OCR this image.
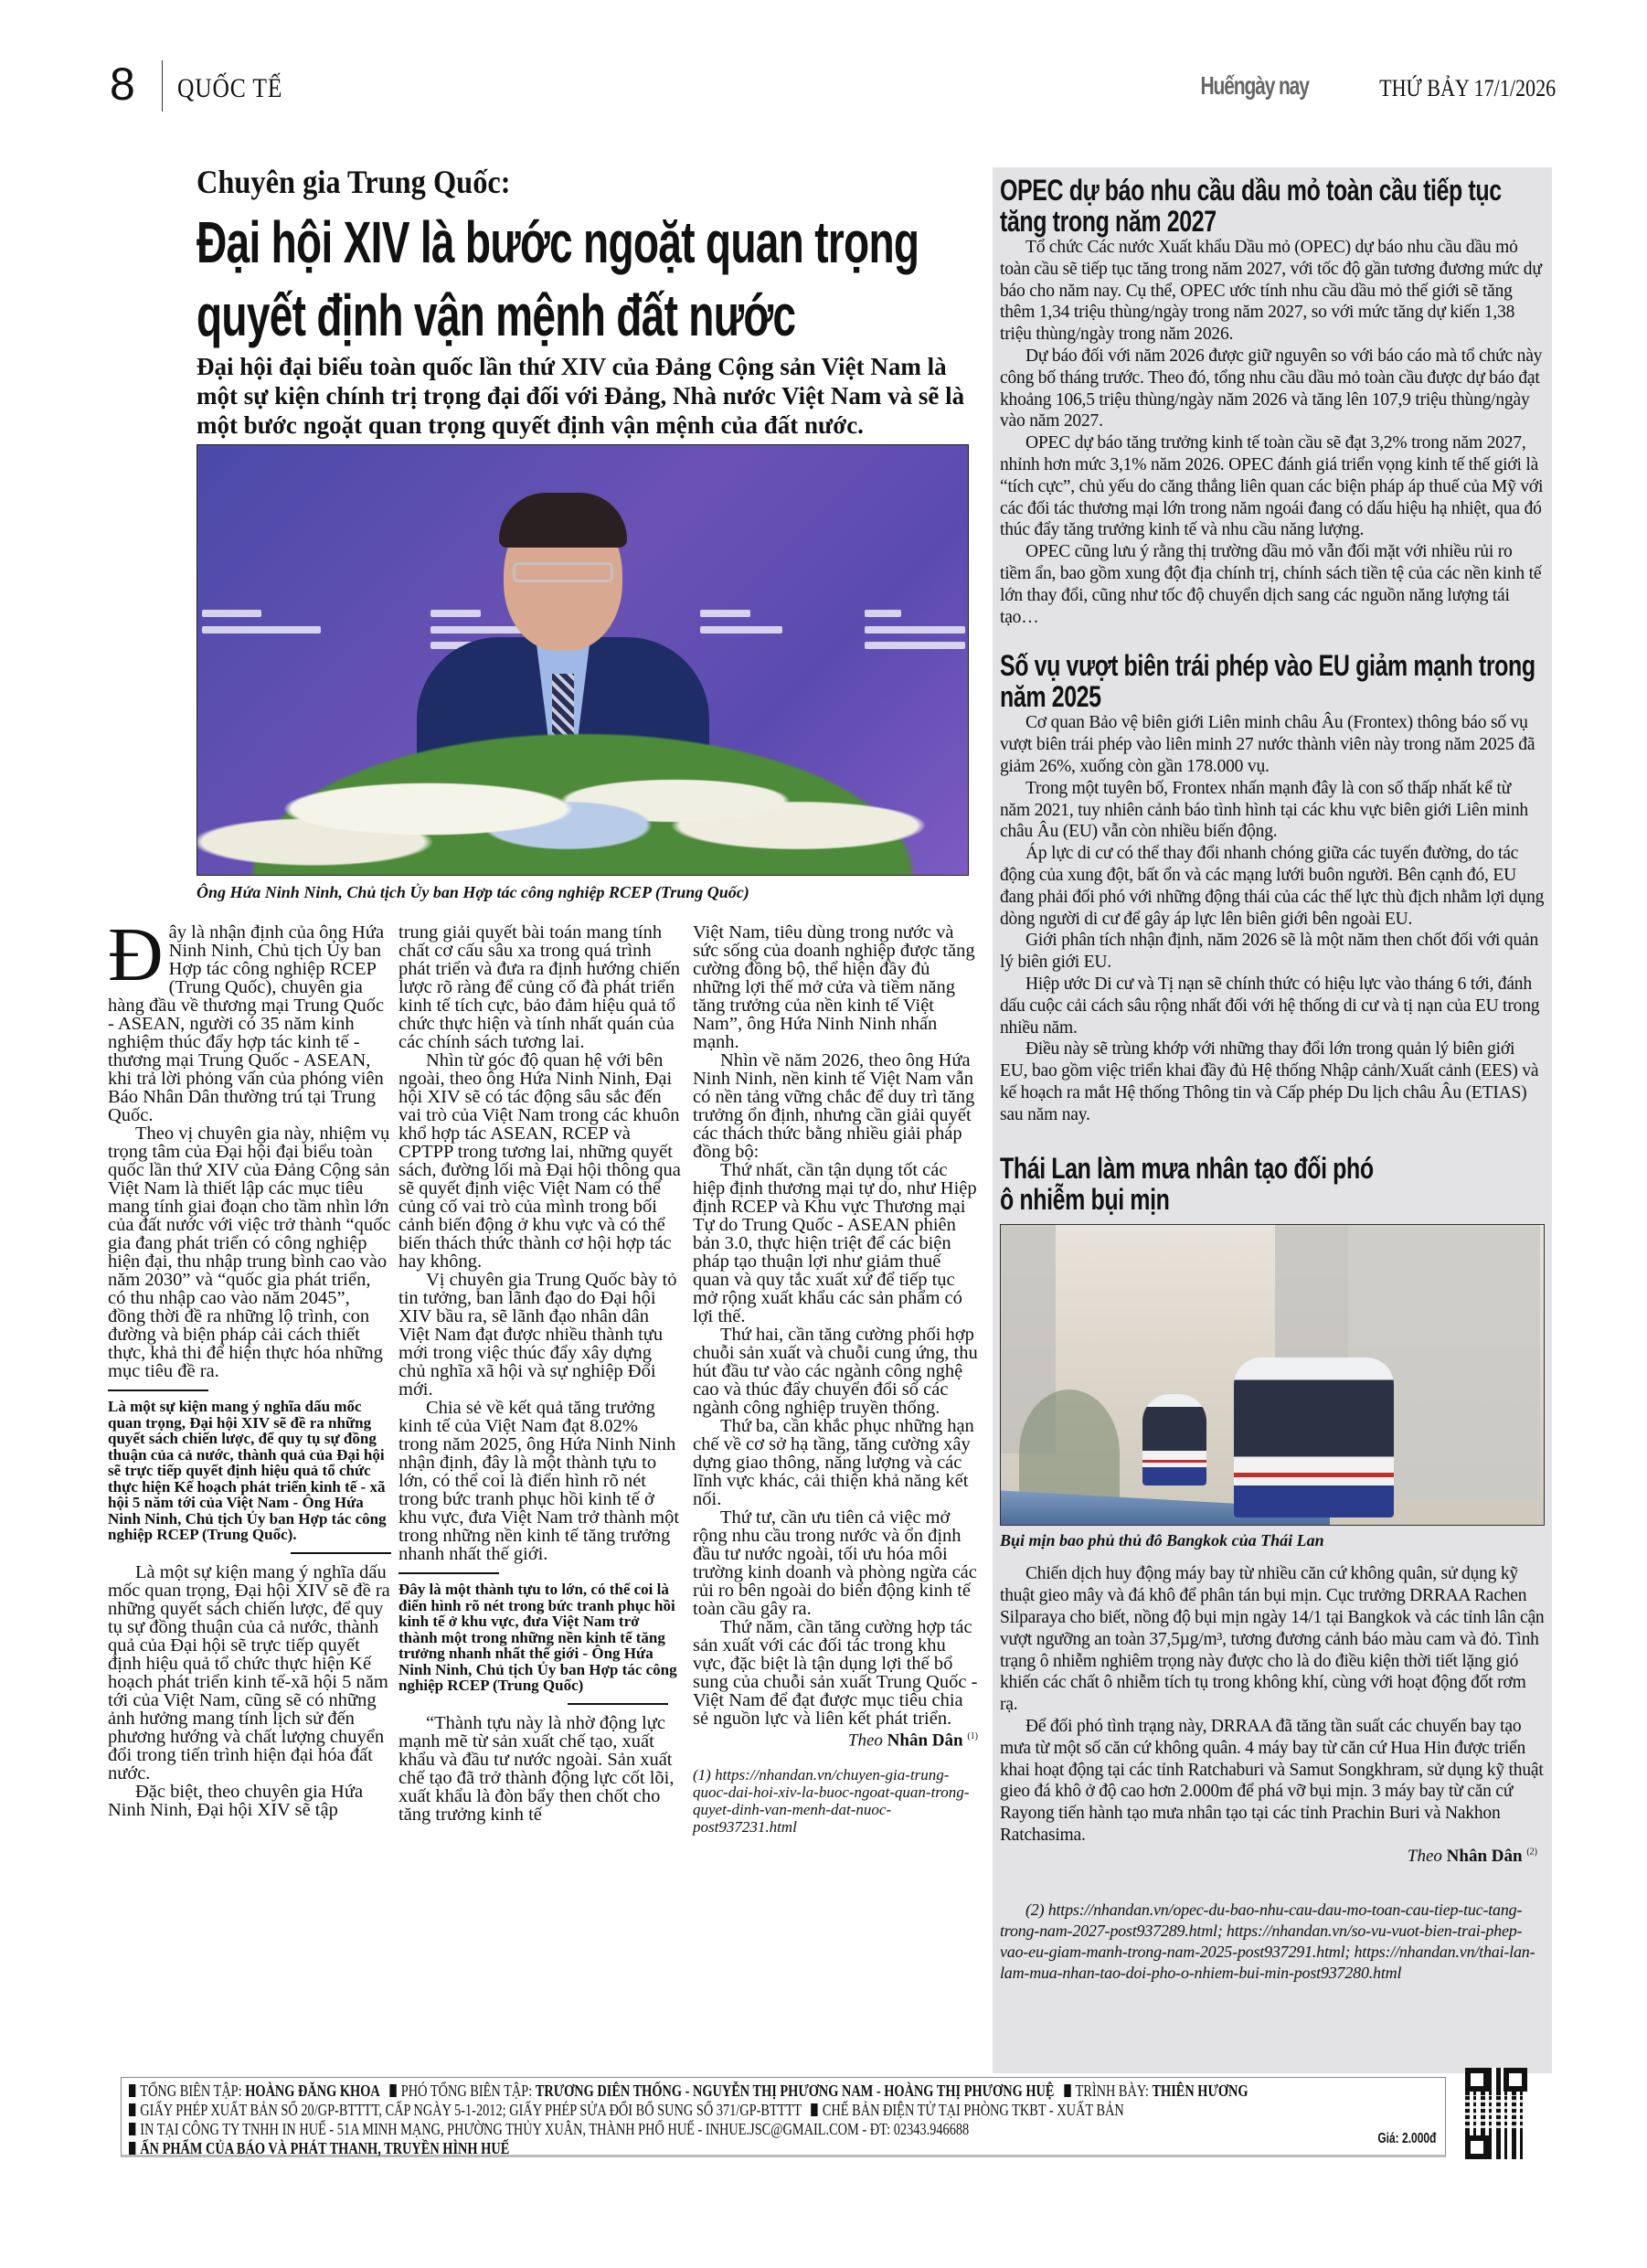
8 QUỐC TẾ	Huếngày nay	THỨ BẢY 17/1/2026
Chuyên gia Trung Quốc:
Đại hội XIV là bước ngoặt quan trọng
quyết định vận mệnh đất nước
Đại hội đại biểu toàn quốc lần thứ XIV của Đảng Cộng sản Việt Nam là một sự kiện chính trị trọng đại đối với Đảng, Nhà nước Việt Nam và sẽ là một bước ngoặt quan trọng quyết định vận mệnh của đất nước.
Ông Hứa Ninh Ninh, Chủ tịch Ủy ban Hợp tác công nghiệp RCEP (Trung Quốc)

Đây là nhận định của ông Hứa Ninh Ninh, Chủ tịch Ủy ban Hợp tác công nghiệp RCEP (Trung Quốc), chuyên gia hàng đầu về thương mại Trung Quốc - ASEAN, người có 35 năm kinh nghiệm thúc đẩy hợp tác kinh tế - thương mại Trung Quốc - ASEAN, khi trả lời phỏng vấn của phóng viên Báo Nhân Dân thường trú tại Trung Quốc.

Theo vị chuyên gia này, nhiệm vụ trọng tâm của Đại hội đại biểu toàn quốc lần thứ XIV của Đảng Cộng sản Việt Nam là thiết lập các mục tiêu mang tính giai đoạn cho tầm nhìn lớn của đất nước với việc trở thành “quốc gia đang phát triển có công nghiệp hiện đại, thu nhập trung bình cao vào năm 2030” và “quốc gia phát triển, có thu nhập cao vào năm 2045”, đồng thời đề ra những lộ trình, con đường và biện pháp cải cách thiết thực, khả thi để hiện thực hóa những mục tiêu đề ra.

Là một sự kiện mang ý nghĩa dấu mốc quan trọng, Đại hội XIV sẽ đề ra những quyết sách chiến lược, để quy tụ sự đồng thuận của cả nước, thành quả của Đại hội sẽ trực tiếp quyết định hiệu quả tổ chức thực hiện Kế hoạch phát triển kinh tế - xã hội 5 năm tới của Việt Nam - Ông Hứa Ninh Ninh, Chủ tịch Ủy ban Hợp tác công nghiệp RCEP (Trung Quốc).

Là một sự kiện mang ý nghĩa dấu mốc quan trọng, Đại hội XIV sẽ đề ra những quyết sách chiến lược, để quy tụ sự đồng thuận của cả nước, thành quả của Đại hội sẽ trực tiếp quyết định hiệu quả tổ chức thực hiện Kế hoạch phát triển kinh tế-xã hội 5 năm tới của Việt Nam, cũng sẽ có những ảnh hưởng mang tính lịch sử đến phương hướng và chất lượng chuyển đổi trong tiến trình hiện đại hóa đất nước.

Đặc biệt, theo chuyên gia Hứa Ninh Ninh, Đại hội XIV sẽ tập

trung giải quyết bài toán mang tính chất cơ cấu sâu xa trong quá trình phát triển và đưa ra định hướng chiến lược rõ ràng để củng cố đà phát triển kinh tế tích cực, bảo đảm hiệu quả tổ chức thực hiện và tính nhất quán của các chính sách tương lai.

Nhìn từ góc độ quan hệ với bên ngoài, theo ông Hứa Ninh Ninh, Đại hội XIV sẽ có tác động sâu sắc đến vai trò của Việt Nam trong các khuôn khổ hợp tác ASEAN, RCEP và CPTPP trong tương lai, những quyết sách, đường lối mà Đại hội thông qua sẽ quyết định việc Việt Nam có thể củng cố vai trò của mình trong bối cảnh biến động ở khu vực và có thể biến thách thức thành cơ hội hợp tác hay không.

Vị chuyên gia Trung Quốc bày tỏ tin tưởng, ban lãnh đạo do Đại hội XIV bầu ra, sẽ lãnh đạo nhân dân Việt Nam đạt được nhiều thành tựu mới trong việc thúc đẩy xây dựng chủ nghĩa xã hội và sự nghiệp Đổi mới.

Chia sẻ về kết quả tăng trưởng kinh tế của Việt Nam đạt 8.02% trong năm 2025, ông Hứa Ninh Ninh nhận định, đây là một thành tựu to lớn, có thể coi là điển hình rõ nét trong bức tranh phục hồi kinh tế ở khu vực, đưa Việt Nam trở thành một trong những nền kinh tế tăng trưởng nhanh nhất thế giới.

Đây là một thành tựu to lớn, có thể coi là điển hình rõ nét trong bức tranh phục hồi kinh tế ở khu vực, đưa Việt Nam trở thành một trong những nền kinh tế tăng trưởng nhanh nhất thế giới - Ông Hứa Ninh Ninh, Chủ tịch Ủy ban Hợp tác công nghiệp RCEP (Trung Quốc)

“Thành tựu này là nhờ động lực mạnh mẽ từ sản xuất chế tạo, xuất khẩu và đầu tư nước ngoài. Sản xuất chế tạo đã trở thành động lực cốt lõi, xuất khẩu là đòn bẩy then chốt cho tăng trưởng kinh tế

Việt Nam, tiêu dùng trong nước và sức sống của doanh nghiệp được tăng cường đồng bộ, thể hiện đầy đủ những lợi thế mở cửa và tiềm năng tăng trưởng của nền kinh tế Việt Nam”, ông Hứa Ninh Ninh nhấn mạnh.

Nhìn về năm 2026, theo ông Hứa Ninh Ninh, nền kinh tế Việt Nam vẫn có nền tảng vững chắc để duy trì tăng trưởng ổn định, nhưng cần giải quyết các thách thức bằng nhiều giải pháp đồng bộ:

Thứ nhất, cần tận dụng tốt các hiệp định thương mại tự do, như Hiệp định RCEP và Khu vực Thương mại Tự do Trung Quốc - ASEAN phiên bản 3.0, thực hiện triệt để các biện pháp tạo thuận lợi như giảm thuế quan và quy tắc xuất xứ để tiếp tục mở rộng xuất khẩu các sản phẩm có lợi thế.

Thứ hai, cần tăng cường phối hợp chuỗi sản xuất và chuỗi cung ứng, thu hút đầu tư vào các ngành công nghệ cao và thúc đẩy chuyển đổi số các ngành công nghiệp truyền thống.

Thứ ba, cần khắc phục những hạn chế về cơ sở hạ tầng, tăng cường xây dựng giao thông, năng lượng và các lĩnh vực khác, cải thiện khả năng kết nối.

Thứ tư, cần ưu tiên cả việc mở rộng nhu cầu trong nước và ổn định đầu tư nước ngoài, tối ưu hóa môi trường kinh doanh và phòng ngừa các rủi ro bên ngoài do biến động kinh tế toàn cầu gây ra.

Thứ năm, cần tăng cường hợp tác sản xuất với các đối tác trong khu vực, đặc biệt là tận dụng lợi thế bổ sung của chuỗi sản xuất Trung Quốc - Việt Nam để đạt được mục tiêu chia sẻ nguồn lực và liên kết phát triển.

Theo Nhân Dân $^{(1)}$

(1) https://nhandan.vn/chuyen-gia-trung-quoc-dai-hoi-xiv-la-buoc-ngoat-quan-trong-quyet-dinh-van-menh-dat-nuoc-post937231.html

OPEC dự báo nhu cầu dầu mỏ toàn cầu tiếp tục tăng trong năm 2027

Tổ chức Các nước Xuất khẩu Dầu mỏ (OPEC) dự báo nhu cầu dầu mỏ toàn cầu sẽ tiếp tục tăng trong năm 2027, với tốc độ gần tương đương mức dự báo cho năm nay. Cụ thể, OPEC ước tính nhu cầu dầu mỏ thế giới sẽ tăng thêm 1,34 triệu thùng/ngày trong năm 2027, so với mức tăng dự kiến 1,38 triệu thùng/ngày trong năm 2026.

Dự báo đối với năm 2026 được giữ nguyên so với báo cáo mà tổ chức này công bố tháng trước. Theo đó, tổng nhu cầu dầu mỏ toàn cầu được dự báo đạt khoảng 106,5 triệu thùng/ngày năm 2026 và tăng lên 107,9 triệu thùng/ngày vào năm 2027.

OPEC dự báo tăng trưởng kinh tế toàn cầu sẽ đạt 3,2% trong năm 2027, nhỉnh hơn mức 3,1% năm 2026. OPEC đánh giá triển vọng kinh tế thế giới là “tích cực”, chủ yếu do căng thẳng liên quan các biện pháp áp thuế của Mỹ với các đối tác thương mại lớn trong năm ngoái đang có dấu hiệu hạ nhiệt, qua đó thúc đẩy tăng trưởng kinh tế và nhu cầu năng lượng.

OPEC cũng lưu ý rằng thị trường dầu mỏ vẫn đối mặt với nhiều rủi ro tiềm ẩn, bao gồm xung đột địa chính trị, chính sách tiền tệ của các nền kinh tế lớn thay đổi, cũng như tốc độ chuyển dịch sang các nguồn năng lượng tái tạo…

Số vụ vượt biên trái phép vào EU giảm mạnh trong năm 2025

Cơ quan Bảo vệ biên giới Liên minh châu Âu (Frontex) thông báo số vụ vượt biên trái phép vào liên minh 27 nước thành viên này trong năm 2025 đã giảm 26%, xuống còn gần 178.000 vụ.

Trong một tuyên bố, Frontex nhấn mạnh đây là con số thấp nhất kể từ năm 2021, tuy nhiên cảnh báo tình hình tại các khu vực biên giới Liên minh châu Âu (EU) vẫn còn nhiều biến động.

Áp lực di cư có thể thay đổi nhanh chóng giữa các tuyến đường, do tác động của xung đột, bất ổn và các mạng lưới buôn người. Bên cạnh đó, EU đang phải đối phó với những động thái của các thế lực thù địch nhằm lợi dụng dòng người di cư để gây áp lực lên biên giới bên ngoài EU.

Giới phân tích nhận định, năm 2026 sẽ là một năm then chốt đối với quản lý biên giới EU.

Hiệp ước Di cư và Tị nạn sẽ chính thức có hiệu lực vào tháng 6 tới, đánh dấu cuộc cải cách sâu rộng nhất đối với hệ thống di cư và tị nạn của EU trong nhiều năm.

Điều này sẽ trùng khớp với những thay đổi lớn trong quản lý biên giới EU, bao gồm việc triển khai đầy đủ Hệ thống Nhập cảnh/Xuất cảnh (EES) và kế hoạch ra mắt Hệ thống Thông tin và Cấp phép Du lịch châu Âu (ETIAS) sau năm nay.

Thái Lan làm mưa nhân tạo đối phó
ô nhiễm bụi mịn
Bụi mịn bao phủ thủ đô Bangkok của Thái Lan

Chiến dịch huy động máy bay từ nhiều căn cứ không quân, sử dụng kỹ thuật gieo mây và đá khô để phân tán bụi mịn. Cục trưởng DRRAA Rachen Silparaya cho biết, nồng độ bụi mịn ngày 14/1 tại Bangkok và các tỉnh lân cận vượt ngưỡng an toàn 37,5µg/m³, tương đương cảnh báo màu cam và đỏ. Tình trạng ô nhiễm nghiêm trọng này được cho là do điều kiện thời tiết lặng gió khiến các chất ô nhiễm tích tụ trong không khí, cùng với hoạt động đốt rơm rạ.

Để đối phó tình trạng này, DRRAA đã tăng tần suất các chuyến bay tạo mưa từ một số căn cứ không quân. 4 máy bay từ căn cứ Hua Hin được triển khai hoạt động tại các tỉnh Ratchaburi và Samut Songkhram, sử dụng kỹ thuật gieo đá khô ở độ cao hơn 2.000m để phá vỡ bụi mịn. 3 máy bay từ căn cứ Rayong tiến hành tạo mưa nhân tạo tại các tỉnh Prachin Buri và Nakhon Ratchasima.

Theo Nhân Dân $^{(2)}$

(2) https://nhandan.vn/opec-du-bao-nhu-cau-dau-mo-toan-cau-tiep-tuc-tang-trong-nam-2027-post937289.html; https://nhandan.vn/so-vu-vuot-bien-trai-phep-vao-eu-giam-manh-trong-nam-2025-post937291.html; https://nhandan.vn/thai-lan-lam-mua-nhan-tao-doi-pho-o-nhiem-bui-min-post937280.html

TỔNG BIÊN TẬP: HOÀNG ĐĂNG KHOA PHÓ TỔNG BIÊN TẬP: TRƯƠNG DIÊN THỐNG - NGUYỄN THỊ PHƯƠNG NAM - HOÀNG THỊ PHƯƠNG HUỆ TRÌNH BÀY: THIÊN HƯƠNG
GIẤY PHÉP XUẤT BẢN SỐ 20/GP-BTTTT, CẤP NGÀY 5-1-2012; GIẤY PHÉP SỬA ĐỔI BỔ SUNG SỐ 371/GP-BTTTT CHẾ BẢN ĐIỆN TỬ TẠI PHÒNG TKBT - XUẤT BẢN
IN TẠI CÔNG TY TNHH IN HUẾ - 51A MINH MẠNG, PHƯỜNG THỦY XUÂN, THÀNH PHỐ HUẾ - INHUE.JSC@GMAIL.COM - ĐT: 02343.946688
ẤN PHẨM CỦA BÁO VÀ PHÁT THANH, TRUYỀN HÌNH HUẾ
Giá: 2.000đ
